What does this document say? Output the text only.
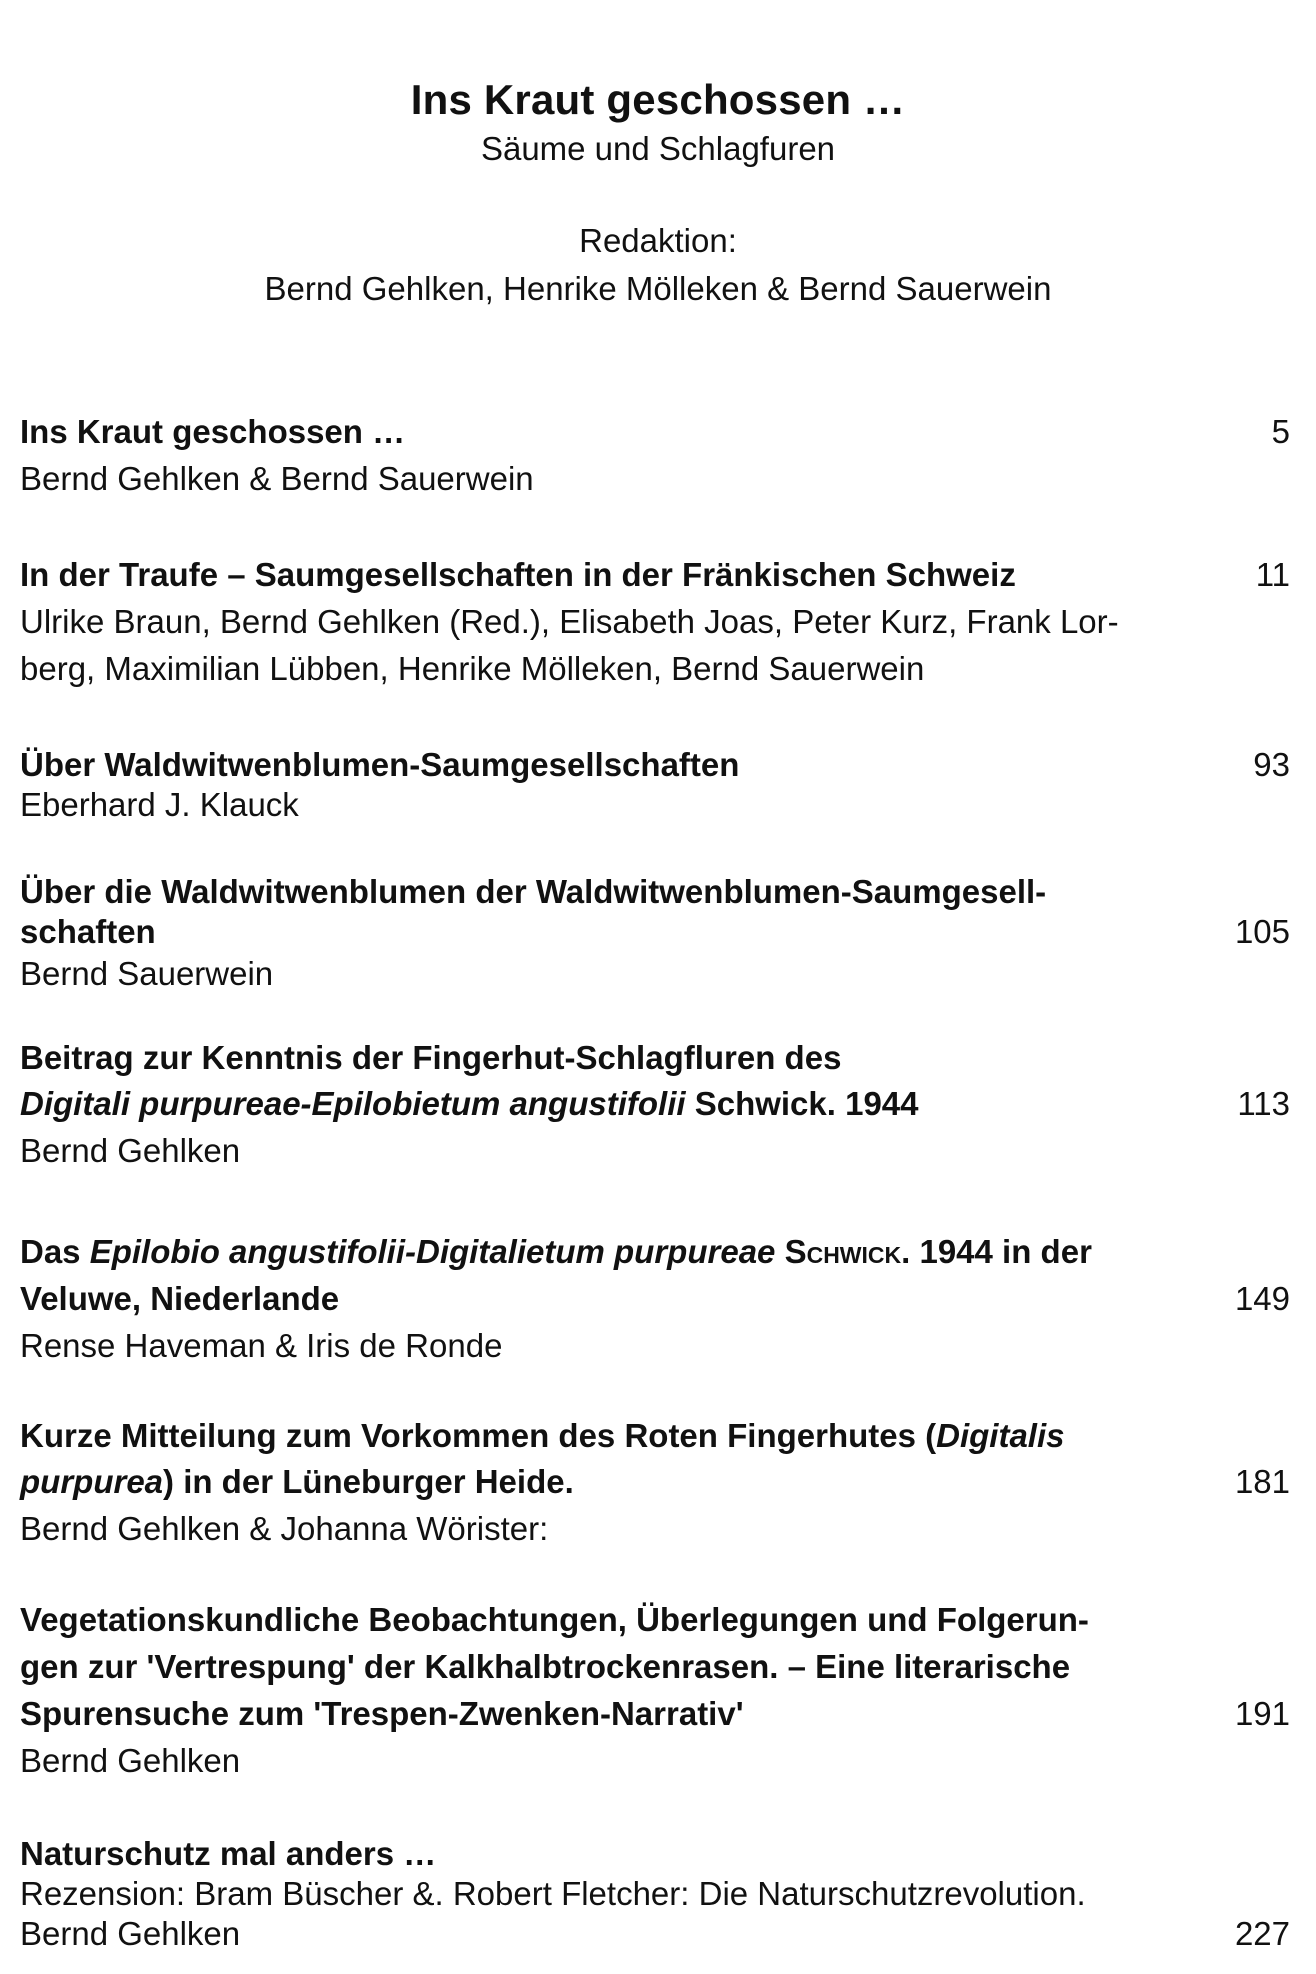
Ins Kraut geschossen …
Säume und Schlagfuren
Redaktion:
Bernd Gehlken, Henrike Mölleken & Bernd Sauerwein
Ins Kraut geschossen …	5
Bernd Gehlken & Bernd Sauerwein
In der Traufe – Saumgesellschaften in der Fränkischen Schweiz	11
Ulrike Braun, Bernd Gehlken (Red.), Elisabeth Joas, Peter Kurz, Frank Lor-
berg, Maximilian Lübben, Henrike Mölleken, Bernd Sauerwein
Über Waldwitwenblumen-Saumgesellschaften	93
Eberhard J. Klauck
Über die Waldwitwenblumen der Waldwitwenblumen-Saumgesell-
schaften	105
Bernd Sauerwein
Beitrag zur Kenntnis der Fingerhut-Schlagfluren des
Digitali purpureae-Epilobietum angustifolii Schwick. 1944	113
Bernd Gehlken
Das Epilobio angustifolii-Digitalietum purpureae Schwick. 1944 in der
Veluwe, Niederlande	149
Rense Haveman & Iris de Ronde
Kurze Mitteilung zum Vorkommen des Roten Fingerhutes (Digitalis
purpurea) in der Lüneburger Heide.	181
Bernd Gehlken & Johanna Wörister:
Vegetationskundliche Beobachtungen, Überlegungen und Folgerun-
gen zur 'Vertrespung' der Kalkhalbtrockenrasen. – Eine literarische
Spurensuche zum 'Trespen-Zwenken-Narrativ'	191
Bernd Gehlken
Naturschutz mal anders …
Rezension: Bram Büscher &. Robert Fletcher: Die Naturschutzrevolution.
Bernd Gehlken	227
